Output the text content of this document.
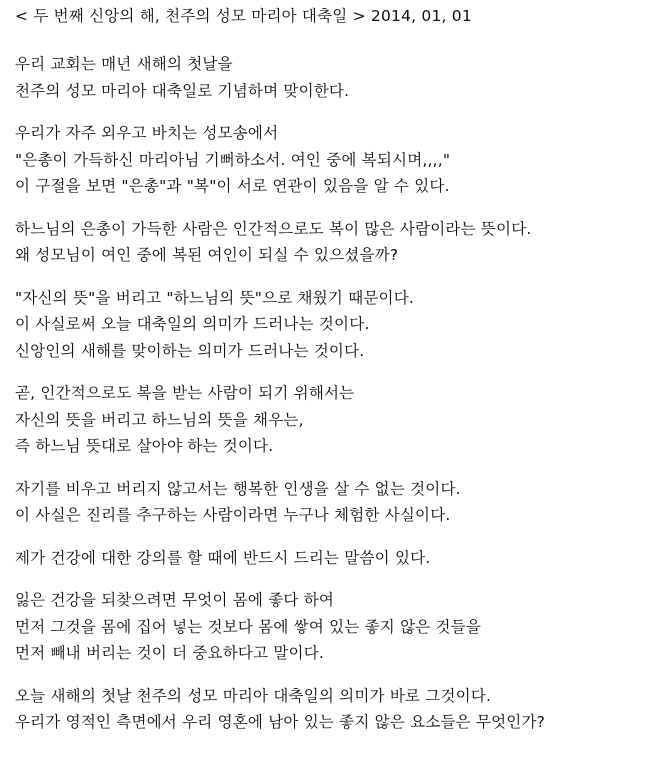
< 두 번째 신앙의 해, 천주의 성모 마리아 대축일 > 2014, 01, 01
우리 교회는 매년 새해의 첫날을
천주의 성모 마리아 대축일로 기념하며 맞이한다.
우리가 자주 외우고 바치는 성모송에서
"은총이 가득하신 마리아님 기뻐하소서. 여인 중에 복되시며,,,,"
이 구절을 보면 "은총"과 "복"이 서로 연관이 있음을 알 수 있다.
하느님의 은총이 가득한 사람은 인간적으로도 복이 많은 사람이라는 뜻이다.
왜 성모님이 여인 중에 복된 여인이 되실 수 있으셨을까?
"자신의 뜻"을 버리고 "하느님의 뜻"으로 채웠기 때문이다.
이 사실로써 오늘 대축일의 의미가 드러나는 것이다.
신앙인의 새해를 맞이하는 의미가 드러나는 것이다.
곧, 인간적으로도 복을 받는 사람이 되기 위해서는
자신의 뜻을 버리고 하느님의 뜻을 채우는,
즉 하느님 뜻대로 살아야 하는 것이다.
자기를 비우고 버리지 않고서는 행복한 인생을 살 수 없는 것이다.
이 사실은 진리를 추구하는 사람이라면 누구나 체험한 사실이다.
제가 건강에 대한 강의를 할 때에 반드시 드리는 말씀이 있다.
잃은 건강을 되찾으려면 무엇이 몸에 좋다 하여
먼저 그것을 몸에 집어 넣는 것보다 몸에 쌓여 있는 좋지 않은 것들을
먼저 빼내 버리는 것이 더 중요하다고 말이다.
오늘 새해의 첫날 천주의 성모 마리아 대축일의 의미가 바로 그것이다.
우리가 영적인 측면에서 우리 영혼에 남아 있는 좋지 않은 요소들은 무엇인가?
